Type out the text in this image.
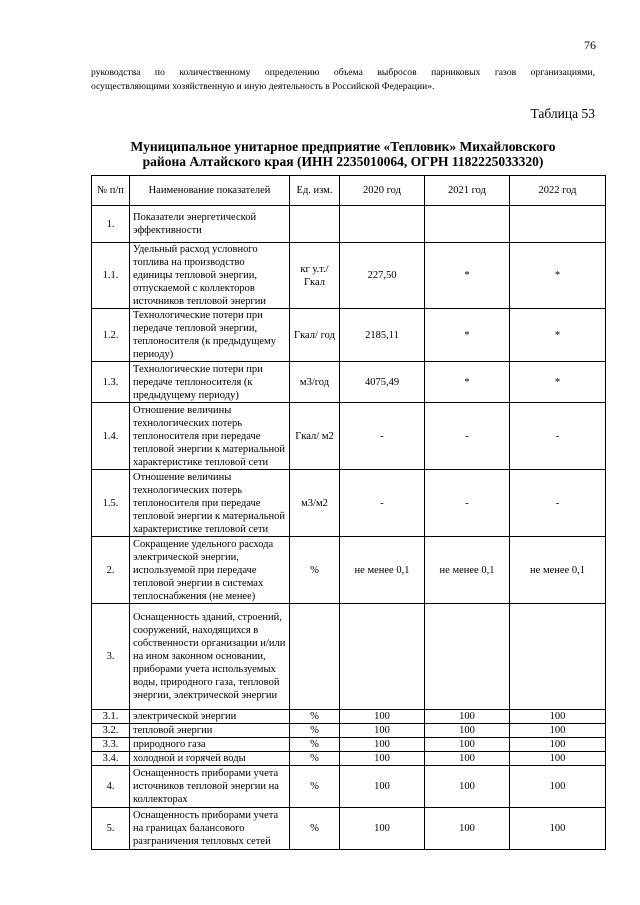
76
руководства по количественному определению объема выбросов парниковых газов организациями,
осуществляющими хозяйственную и иную деятельность в Российской Федерации».
Таблица 53
Муниципальное унитарное предприятие «Тепловик» Михайловского
района Алтайского края (ИНН 2235010064, ОГРН 1182225033320)
№ п/п	Наименование показателей	Ед. изм.	2020 год	2021 год	2022 год
1.	Показатели энергетической эффективности				
1.1.	Удельный расход условного топлива на производство единицы тепловой энергии, отпускаемой с коллекторов источников тепловой энергии	кг у.т./ Гкал	227,50	*	*
1.2.	Технологические потери при передаче тепловой энергии, теплоносителя (к предыдущему периоду)	Гкал/ год	2185,11	*	*
1.3.	Технологические потери при передаче теплоносителя (к предыдущему периоду)	м3/год	4075,49	*	*
1.4.	Отношение величины технологических потерь теплоносителя при передаче тепловой энергии к материальной характеристике тепловой сети	Гкал/ м2	-	-	-
1.5.	Отношение величины технологических потерь теплоносителя при передаче тепловой энергии к материальной характеристике тепловой сети	м3/м2	-	-	-
2.	Сокращение удельного расхода электрической энергии, используемой при передаче тепловой энергии в системах теплоснабжения (не менее)	%	не менее 0,1	не менее 0,1	не менее 0,1
3.	Оснащенность зданий, строений, сооружений, находящихся в собственности организации и/или на ином законном основании, приборами учета используемых воды, природного газа, тепловой энергии, электрической энергии				
3.1.	электрической энергии	%	100	100	100
3.2.	тепловой энергии	%	100	100	100
3.3.	природного газа	%	100	100	100
3.4.	холодной и горячей воды	%	100	100	100
4.	Оснащенность приборами учета источников тепловой энергии на коллекторах	%	100	100	100
5.	Оснащенность приборами учета на границах балансового разграничения тепловых сетей	%	100	100	100
